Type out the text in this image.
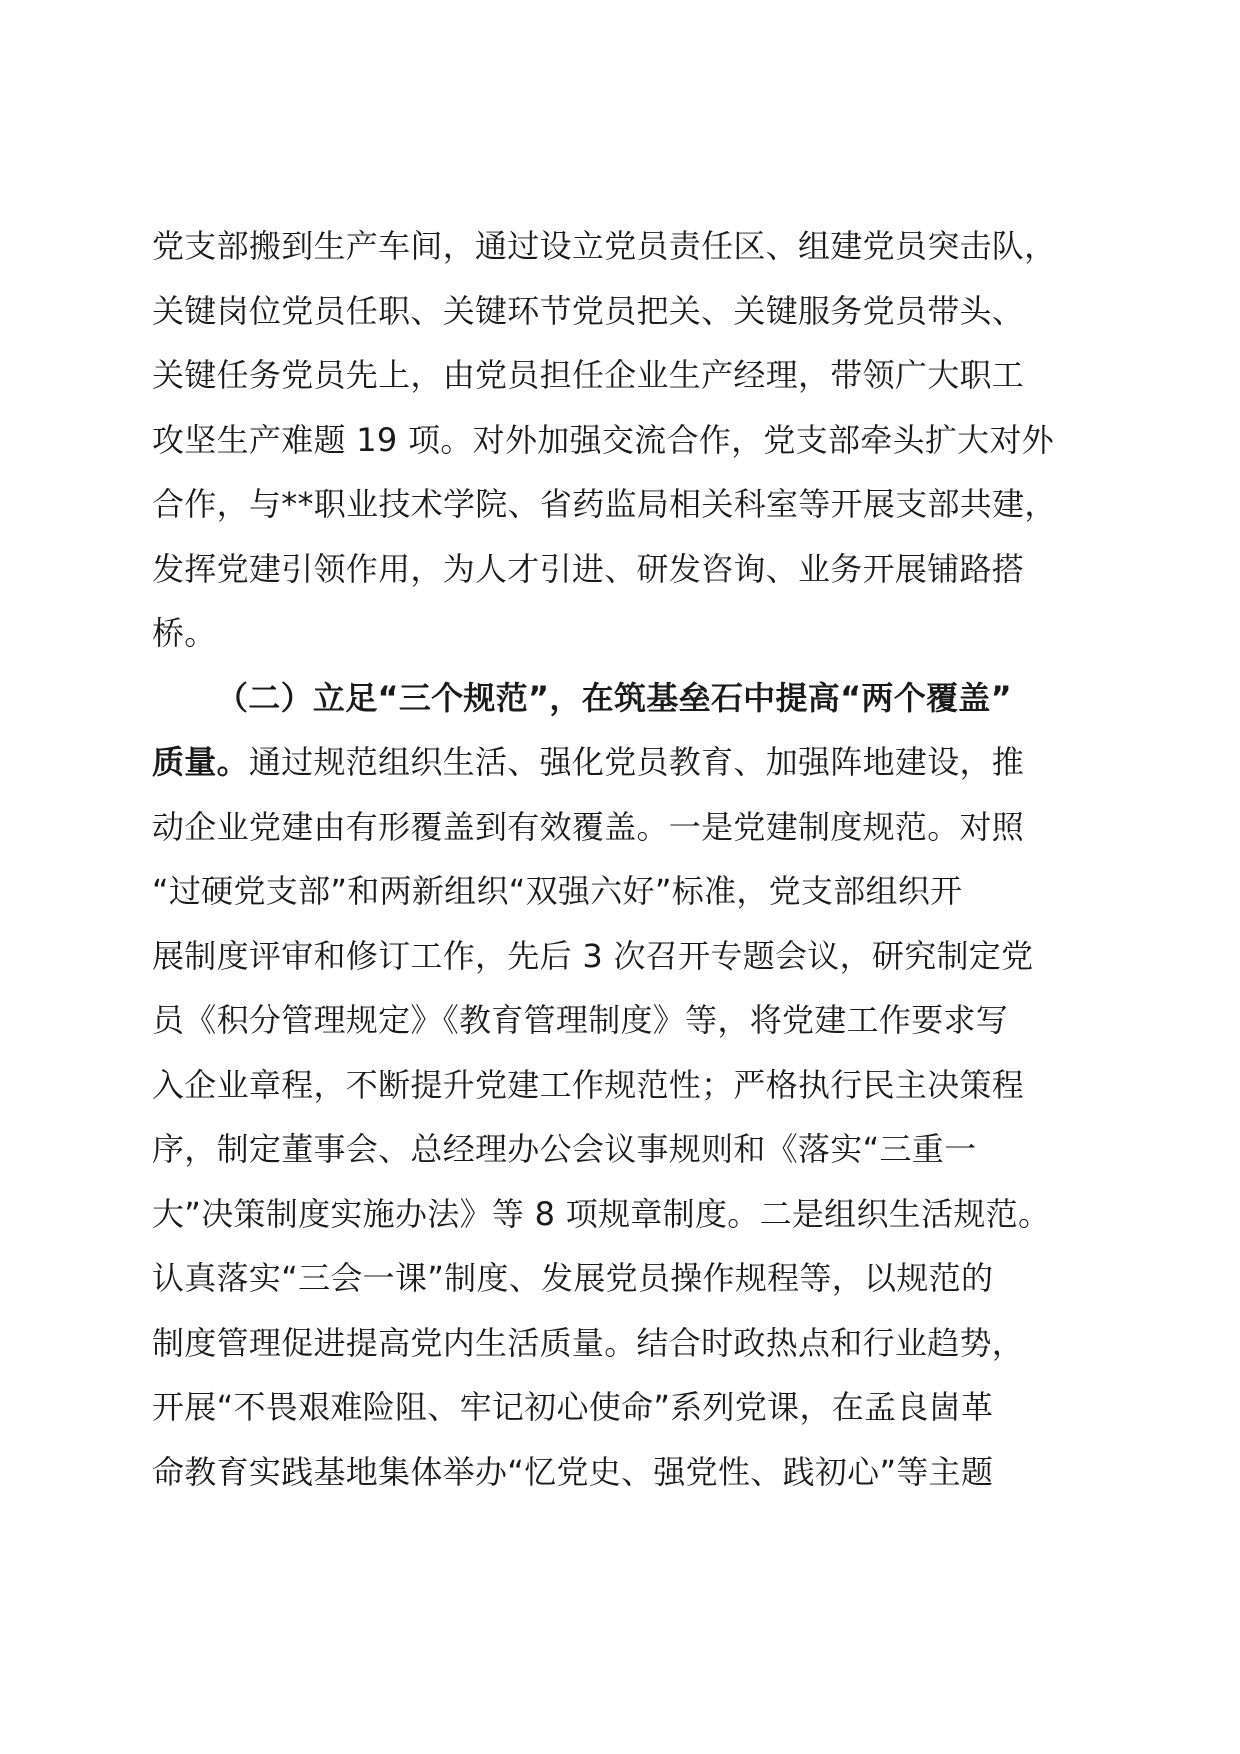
党支部搬到生产车间，通过设立党员责任区、组建党员突击队，
关键岗位党员任职、关键环节党员把关、关键服务党员带头、
关键任务党员先上，由党员担任企业生产经理，带领广大职工
攻坚生产难题 19 项。对外加强交流合作，党支部牵头扩大对外
合作，与**职业技术学院、省药监局相关科室等开展支部共建，
发挥党建引领作用，为人才引进、研发咨询、业务开展铺路搭
桥。
（二）立足“三个规范”，在筑基垒石中提高“两个覆盖”
质量。通过规范组织生活、强化党员教育、加强阵地建设，推
动企业党建由有形覆盖到有效覆盖。一是党建制度规范。对照
“过硬党支部”和两新组织“双强六好”标准，党支部组织开
展制度评审和修订工作，先后 3 次召开专题会议，研究制定党
员《积分管理规定》《教育管理制度》等，将党建工作要求写
入企业章程，不断提升党建工作规范性；严格执行民主决策程
序，制定董事会、总经理办公会议事规则和《落实“三重一
大”决策制度实施办法》等 8 项规章制度。二是组织生活规范。
认真落实“三会一课”制度、发展党员操作规程等，以规范的
制度管理促进提高党内生活质量。结合时政热点和行业趋势，
开展“不畏艰难险阻、牢记初心使命”系列党课，在孟良崮革
命教育实践基地集体举办“忆党史、强党性、践初心”等主题
